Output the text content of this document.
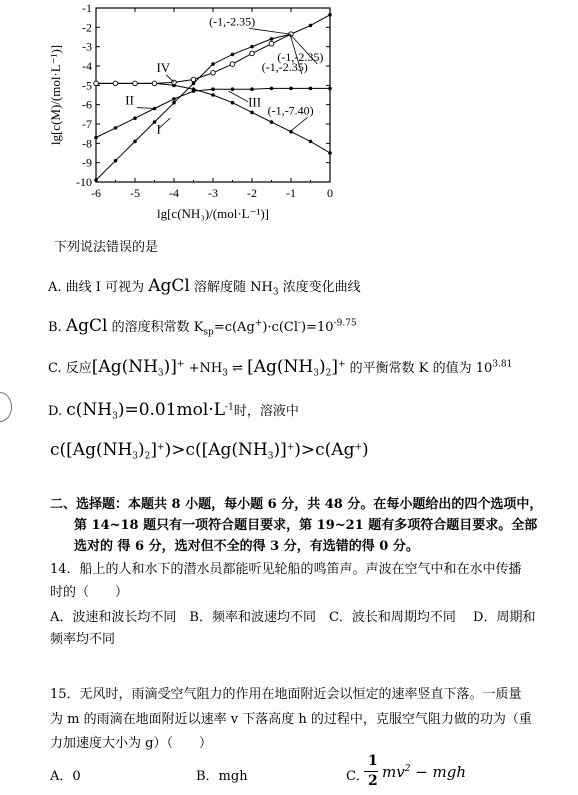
-6 -5 -4 -3 -2 -1	0
-1
-2
-3
-4
-5
-6
-7
-8
-9
-10
lg[c(NH₃)/(mol·L⁻¹)]
lg[c(M)/(mol·L⁻¹)]	I
II	III
IV
(-1,-2.35)
(-1,-2.35)
(-1,-2.35)
(-1,-7.40)
下列说法错误的是
A. 曲线 I 可视为 AgCl 溶解度随 $NH_3$ 浓度变化曲线
B. AgCl 的溶度积常数 $K_{sp}=c(Ag^+)\cdot c(Cl^-)=10^{-9.75}$
C. 反应$[Ag(NH_3)]^+ +NH_3$ ⇌ $[Ag(NH_3)_2]^+$ 的平衡常数 K 的值为 $10^{3.81}$
D. $c(NH_3)=0.01mol\cdot L^{-1}$时，溶液中
$c([Ag(NH_3)_2]^+)>c([Ag(NH_3)]^+)>c(Ag^+)$
二、选择题：本题共 8 小题，每小题 6 分，共 48 分。在每小题给出的四个选项中，
第 14~18 题只有一项符合题目要求，第 19~21 题有多项符合题目要求。全部
选对的 得 6 分，选对但不全的得 3 分，有选错的得 0 分。
14．船上的人和水下的潜水员都能听见轮船的鸣笛声。声波在空气中和在水中传播
时的（　　）
A．波速和波长均不同　B．频率和波速均不同　C．波长和周期均不同　 D．周期和
频率均不同
15．无风时，雨滴受空气阻力的作用在地面附近会以恒定的速率竖直下落。一质量
为 m 的雨滴在地面附近以速率 v 下落高度 h 的过程中，克服空气阻力做的功为（重
力加速度大小为 g）（　　）
A．0	B．mgh	C．
1
2 $mv^2$ − mgh
